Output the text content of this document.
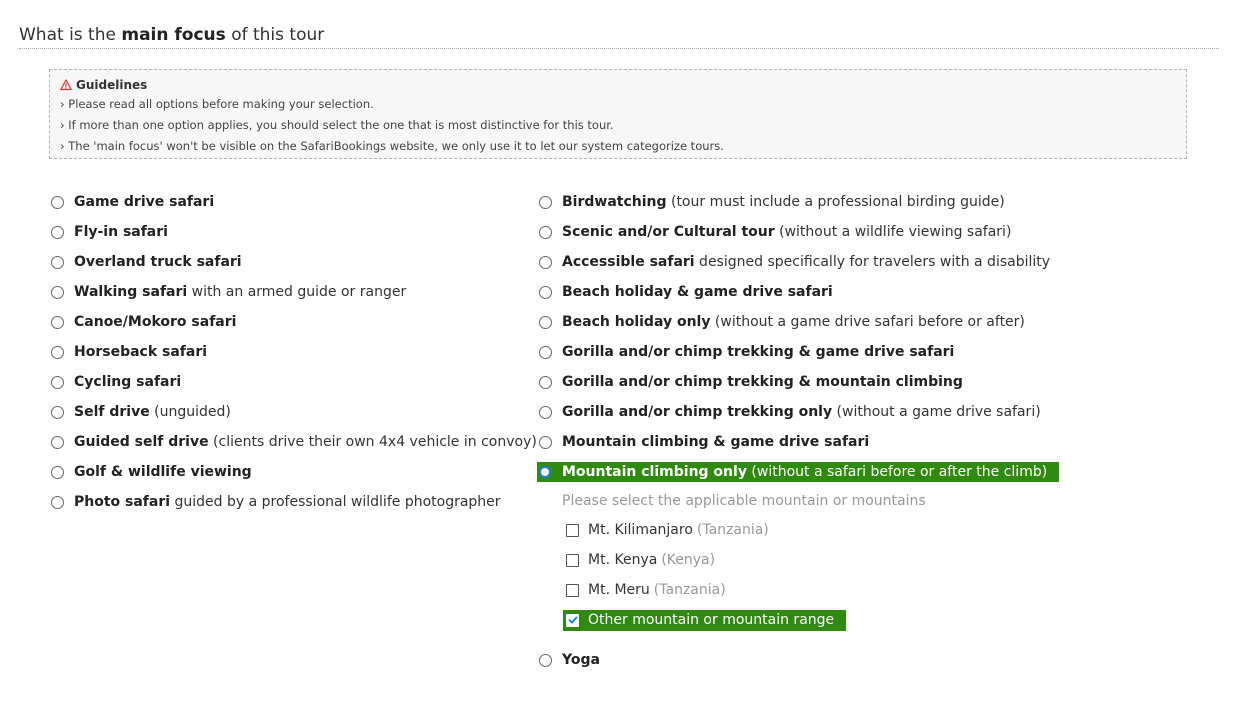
What is the main focus of this tour
Guidelines
› Please read all options before making your selection.
› If more than one option applies, you should select the one that is most distinctive for this tour.
› The 'main focus' won't be visible on the SafariBookings website, we only use it to let our system categorize tours.
Game drive safari
Fly-in safari
Overland truck safari
Walking safari with an armed guide or ranger
Canoe/Mokoro safari
Horseback safari
Cycling safari
Self drive (unguided)
Guided self drive (clients drive their own 4x4 vehicle in convoy)
Golf & wildlife viewing
Photo safari guided by a professional wildlife photographer
Birdwatching (tour must include a professional birding guide)
Scenic and/or Cultural tour (without a wildlife viewing safari)
Accessible safari designed specifically for travelers with a disability
Beach holiday & game drive safari
Beach holiday only (without a game drive safari before or after)
Gorilla and/or chimp trekking & game drive safari
Gorilla and/or chimp trekking & mountain climbing
Gorilla and/or chimp trekking only (without a game drive safari)
Mountain climbing & game drive safari
Mountain climbing only (without a safari before or after the climb)
Please select the applicable mountain or mountains
Mt. Kilimanjaro (Tanzania)
Mt. Kenya (Kenya)
Mt. Meru (Tanzania)
Other mountain or mountain range
Yoga
